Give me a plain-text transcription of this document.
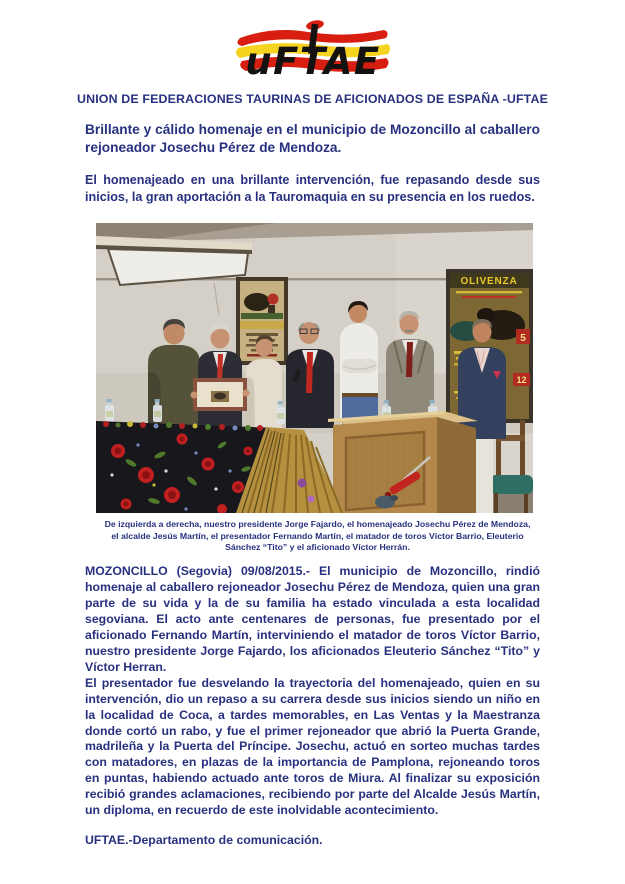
uFTAE
UNION DE FEDERACIONES TAURINAS DE AFICIONADOS DE ESPAÑA -UFTAE
Brillante y cálido homenaje en el municipio de Mozoncillo al caballero rejoneador Josechu Pérez de Mendoza.

El homenajeado en una brillante intervención, fue repasando desde sus inicios, la gran aportación a la Tauromaquia en su presencia en los ruedos.

OLIVENZA
5
12
De izquierda a derecha, nuestro presidente Jorge Fajardo, el homenajeado Josechu Pérez de Mendoza, el alcalde Jesús Martín, el presentador Fernando Martín, el matador de toros Víctor Barrio, Eleuterio Sánchez “Tito” y el aficionado Víctor Herrán.

MOZONCILLO (Segovia) 09/08/2015.- El municipio de Mozoncillo, rindió homenaje al caballero rejoneador Josechu Pérez de Mendoza, quien una gran parte de su vida y la de su familia ha estado vinculada a esta localidad segoviana. El acto ante centenares de personas, fue presentado por el aficionado Fernando Martín, interviniendo el matador de toros Víctor Barrio, nuestro presidente Jorge Fajardo, los aficionados Eleuterio Sánchez “Tito” y Víctor Herran.

El presentador fue desvelando la trayectoria del homenajeado, quien en su intervención, dio un repaso a su carrera desde sus inicios siendo un niño en la localidad de Coca, a tardes memorables, en Las Ventas y la Maestranza donde cortó un rabo, y fue el primer rejoneador que abrió la Puerta Grande, madrileña y la Puerta del Príncipe. Josechu, actuó en sorteo muchas tardes con matadores, en plazas de la importancia de Pamplona, rejoneando toros en puntas, habiendo actuado ante toros de Miura. Al finalizar su exposición recibió grandes aclamaciones, recibiendo por parte del Alcalde Jesús Martín, un diploma, en recuerdo de este inolvidable acontecimiento.

UFTAE.-Departamento de comunicación.
